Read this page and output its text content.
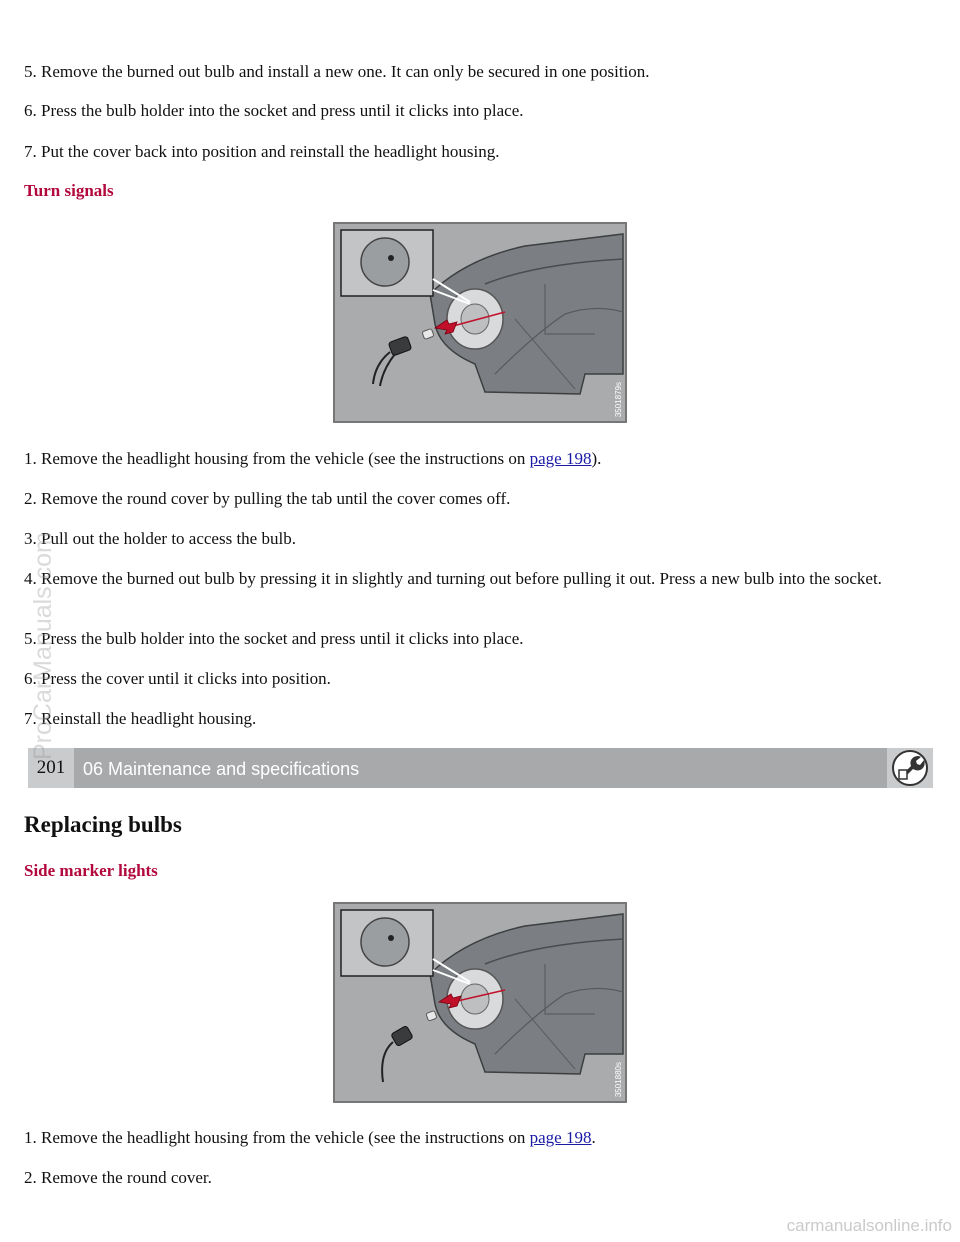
5. Remove the burned out bulb and install a new one. It can only be secured in one position.

6. Press the bulb holder into the socket and press until it clicks into place.

7. Put the cover back into position and reinstall the headlight housing.

Turn signals
3501879s

1. Remove the headlight housing from the vehicle (see the instructions on page 198).

2. Remove the round cover by pulling the tab until the cover comes off.

3. Pull out the holder to access the bulb.

4. Remove the burned out bulb by pressing it in slightly and turning out before pulling it out. Press a new bulb into the socket.

5. Press the bulb holder into the socket and press until it clicks into place.

6. Press the cover until it clicks into position.

7. Reinstall the headlight housing.

201 06 Maintenance and specifications
Replacing bulbs
Side marker lights
3501880s

1. Remove the headlight housing from the vehicle (see the instructions on page 198.

2. Remove the round cover.

ProCarManuals.com
carmanualsonline.info
